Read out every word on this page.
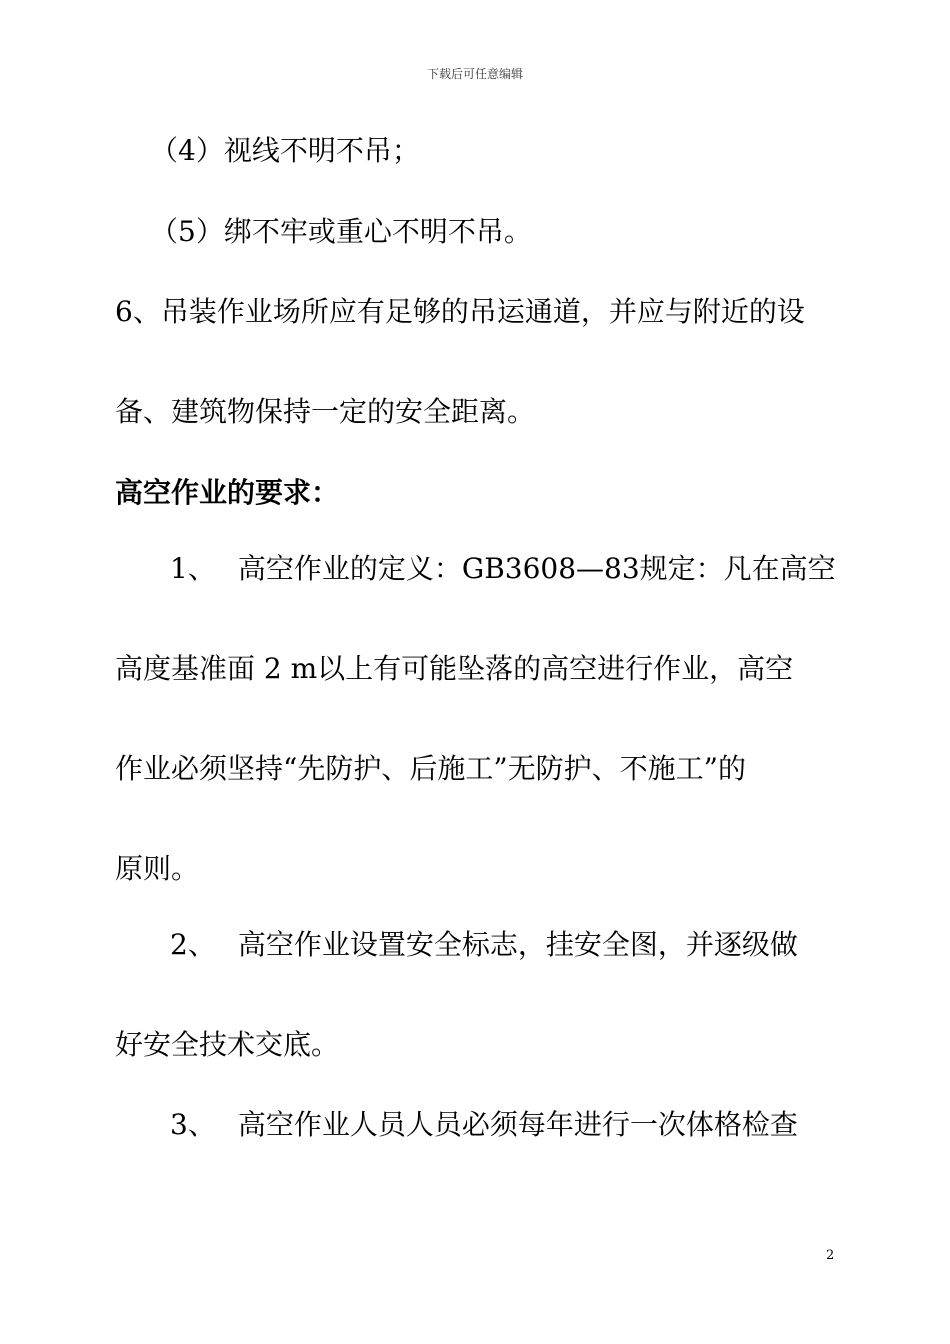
下载后可任意编辑
（4）视线不明不吊；
（5）绑不牢或重心不明不吊。
6、吊装作业场所应有足够的吊运通道，并应与附近的设
备、建筑物保持一定的安全距离。
高空作业的要求：
1、 高空作业的定义：GB3608—83规定：凡在高空
高度基准面 2 m以上有可能坠落的高空进行作业，高空
作业必须坚持“先防护、后施工”无防护、不施工”的
原则。
2、 高空作业设置安全标志，挂安全图，并逐级做
好安全技术交底。
3、 高空作业人员人员必须每年进行一次体格检查
2
